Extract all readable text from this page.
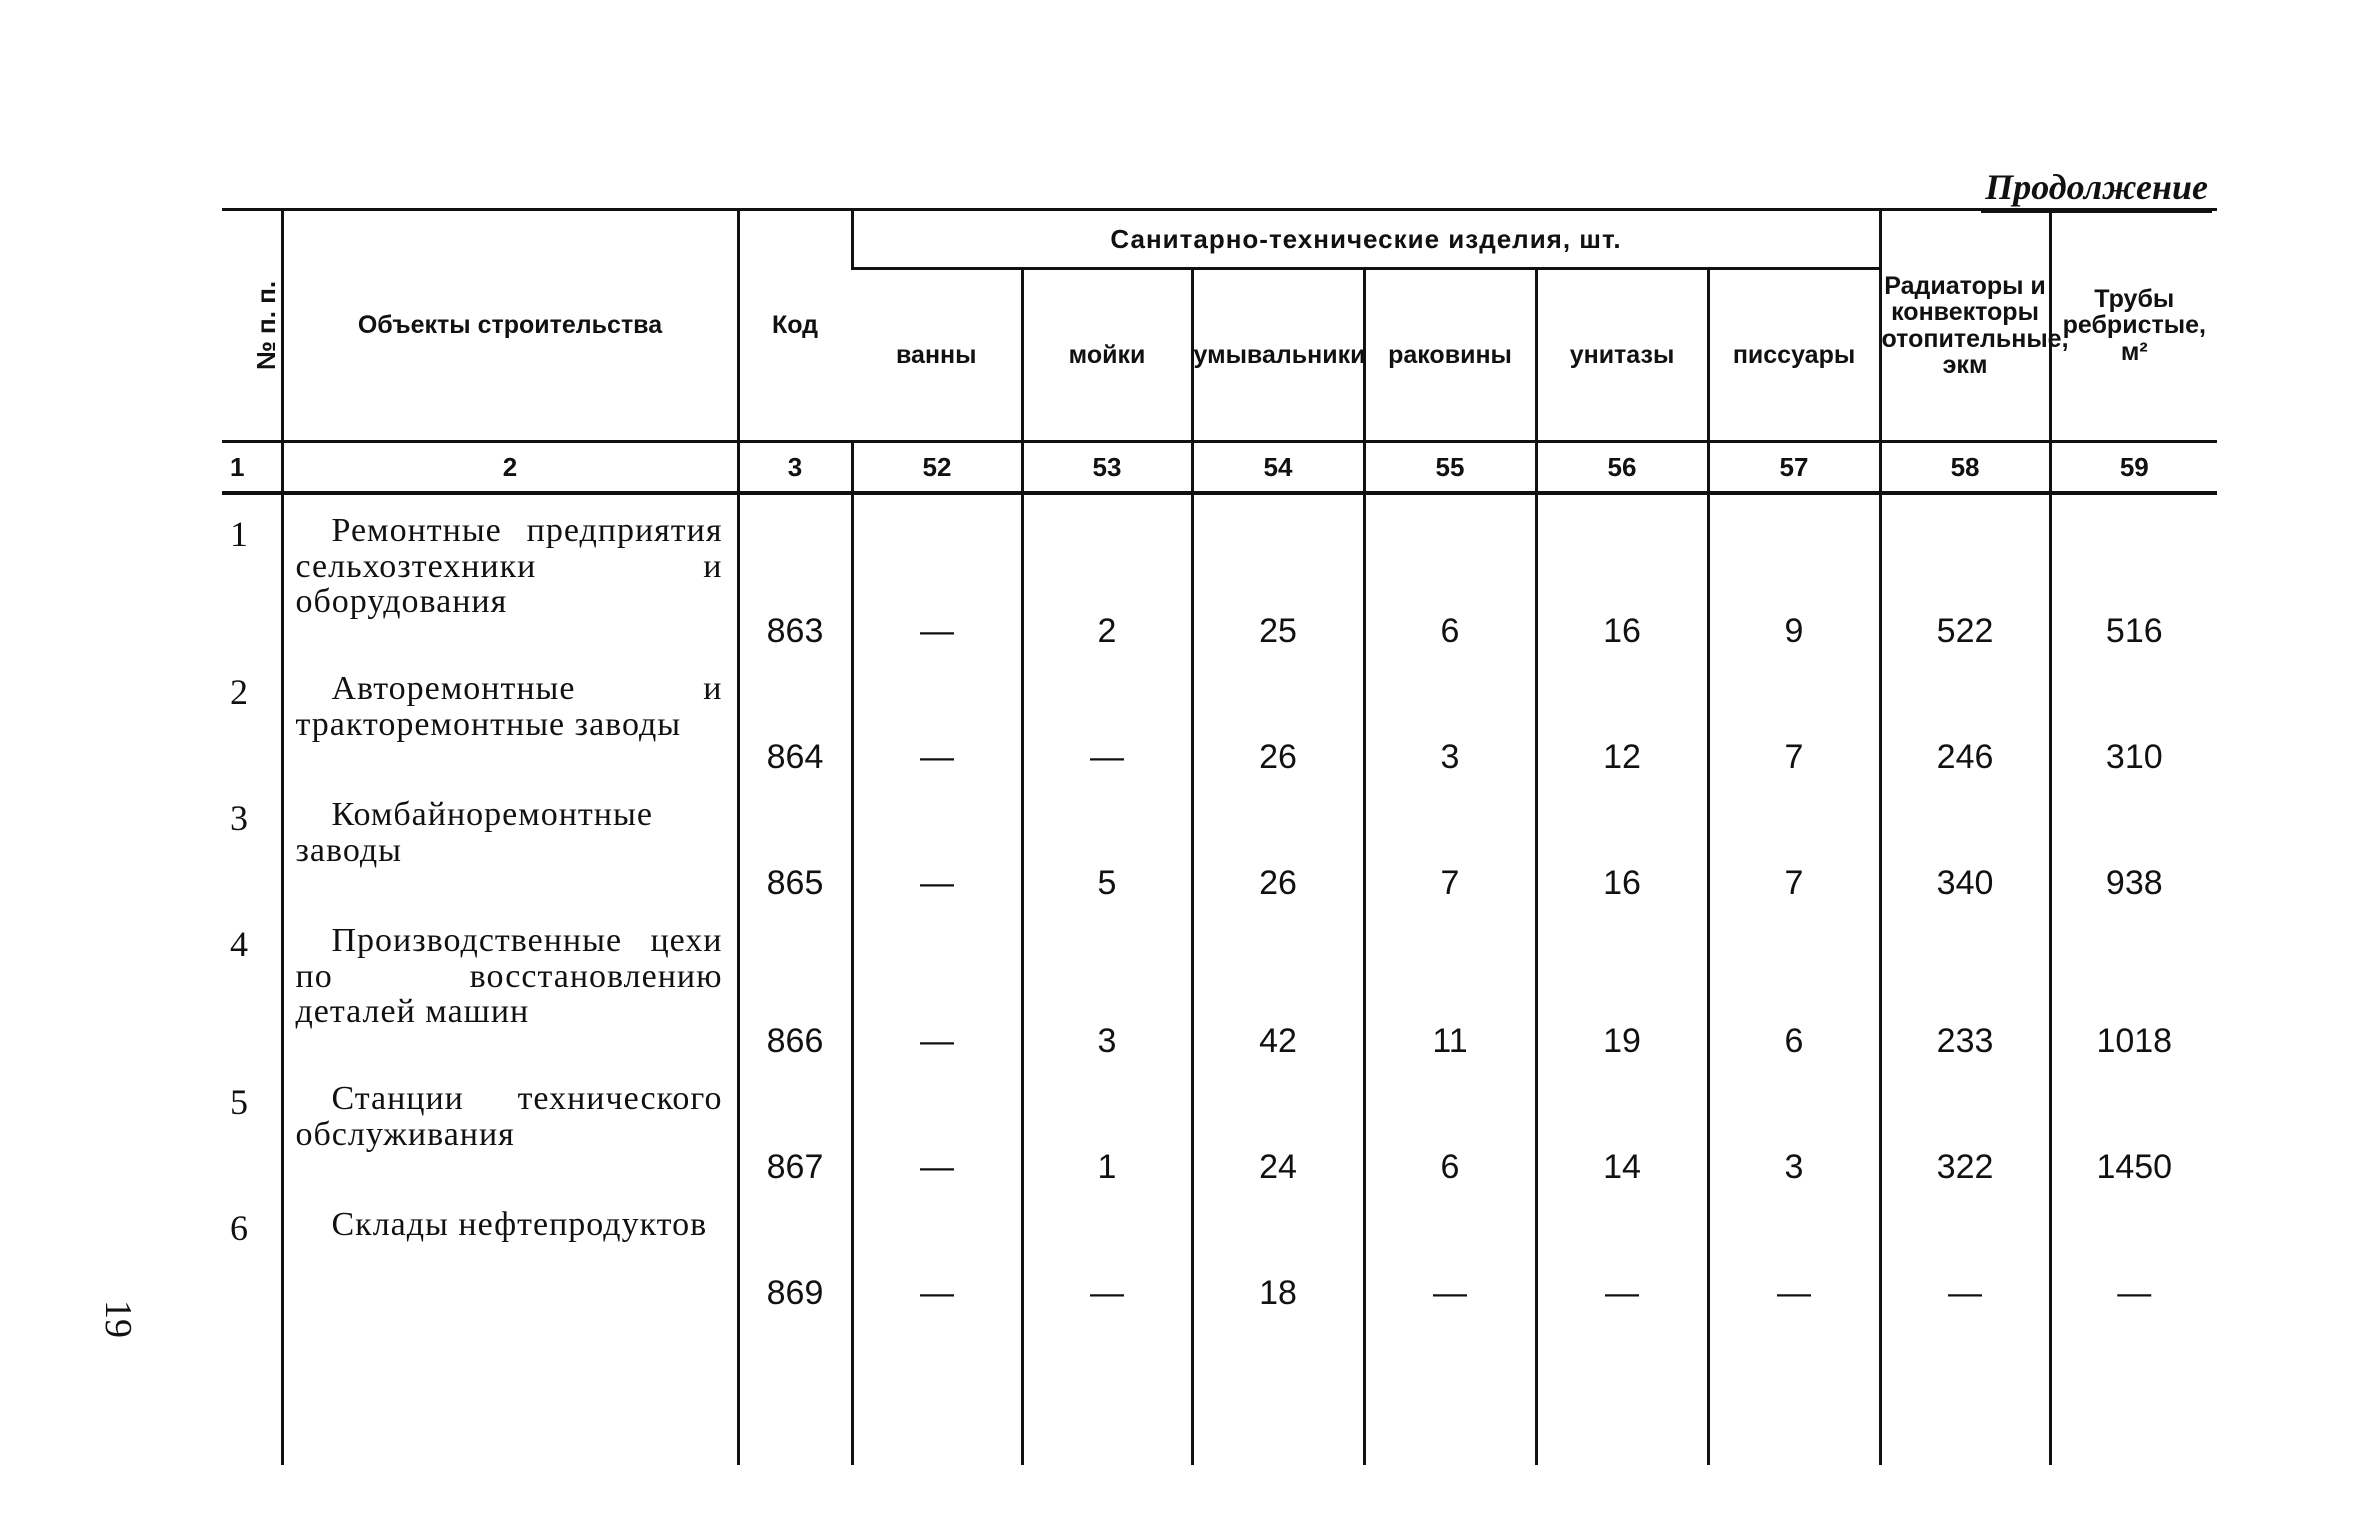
Продолжение
№ п. п.	Объекты строительства	Код	Санитарно-технические изделия, шт.						Радиаторы и конвекторы отопительные, экм	Трубы ребристые, м²
			ванны	мойки	умывальники	раковины	унитазы	писсуары		
1	2	3	52	53	54	55	56	57	58	59
1	Ремонтные предприятия сельхозтехники и оборудования	863	—	2	25	6	16	9	522	516
2	Авторемонтные и тракторемонтные заводы	864	—	—	26	3	12	7	246	310
3	Комбайноремонтные заводы	865	—	5	26	7	16	7	340	938
4	Производственные цехи по восстановлению деталей машин	866	—	3	42	11	19	6	233	1018
5	Станции технического обслуживания	867	—	1	24	6	14	3	322	1450
6	Склады нефтепродуктов	869	—	—	18	—	—	—	—	—

19
